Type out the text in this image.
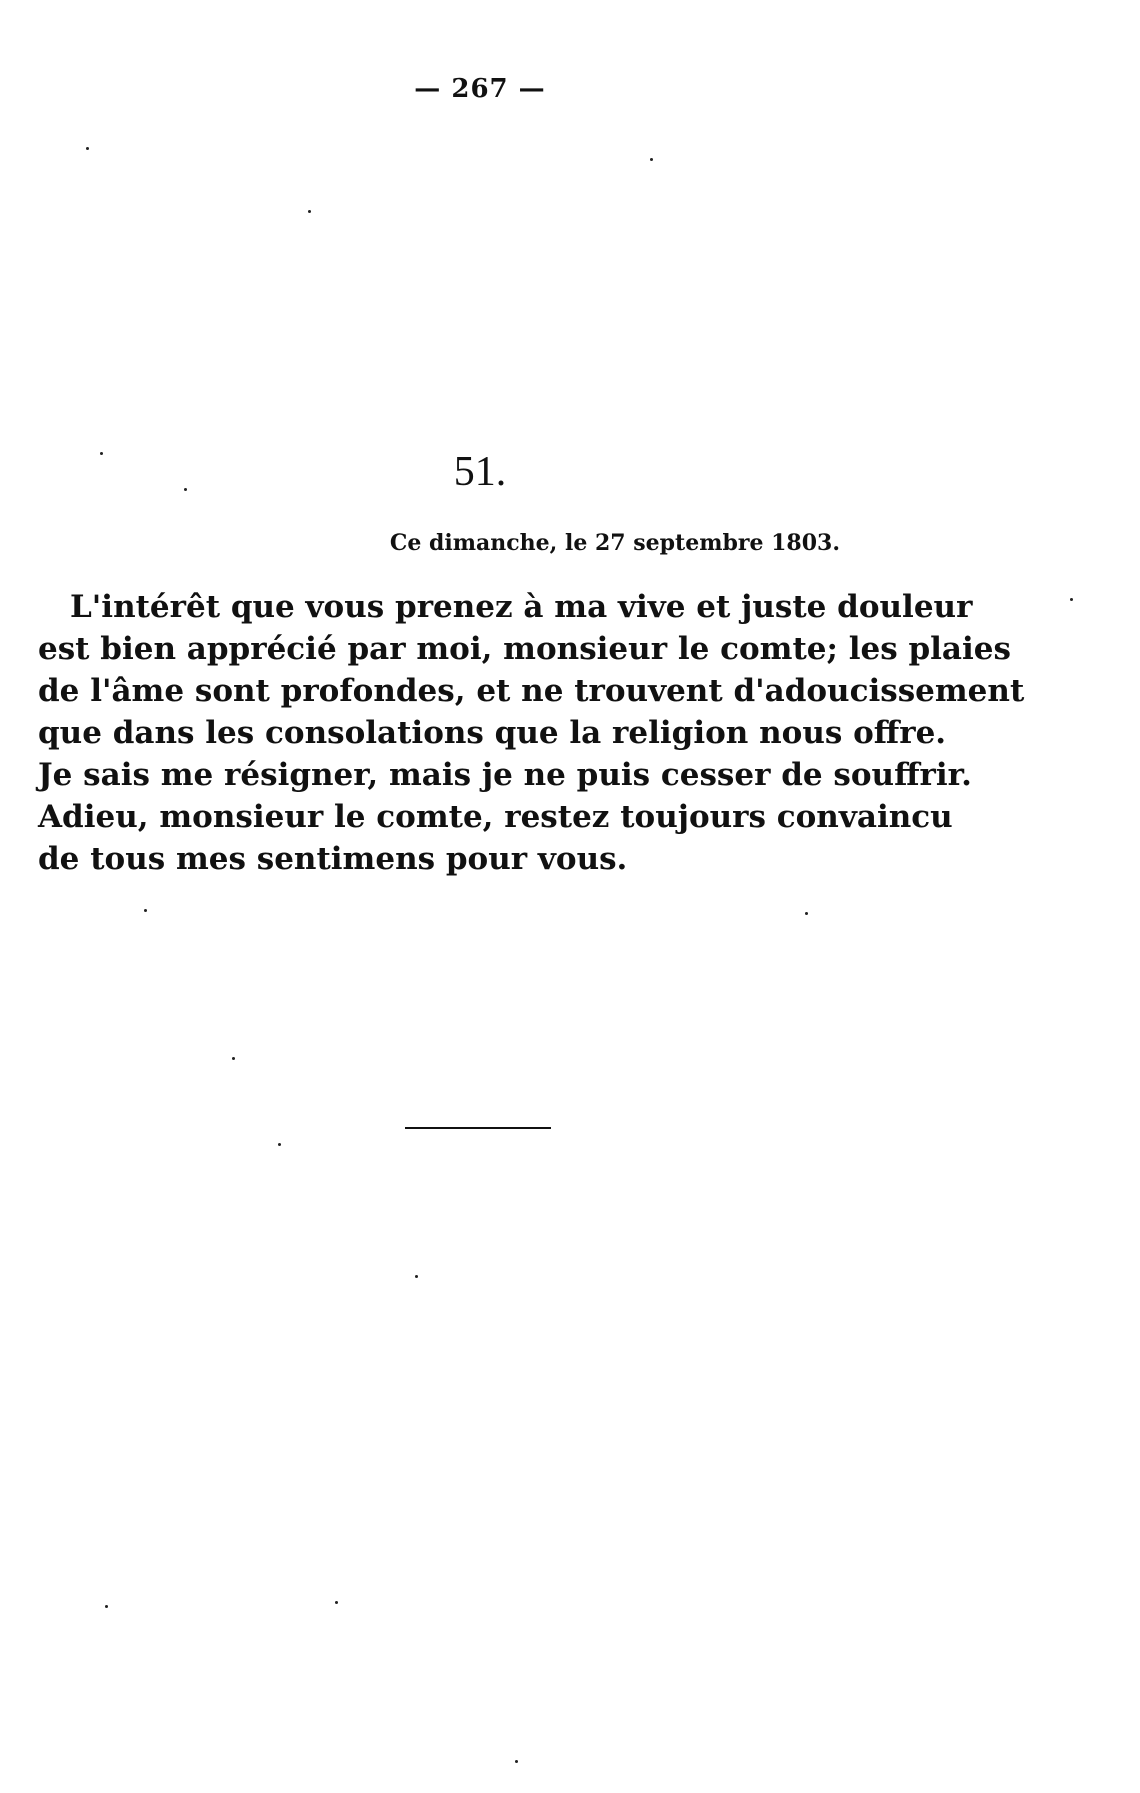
— 267 —
51.
Ce dimanche, le 27 septembre 1803.

L'intérêt que vous prenez à ma vive et juste douleur
est bien apprécié par moi, monsieur le comte; les plaies
de l'âme sont profondes, et ne trouvent d'adoucissement
que dans les consolations que la religion nous offre.
Je sais me résigner, mais je ne puis cesser de souffrir.
Adieu, monsieur le comte, restez toujours convaincu
de tous mes sentimens pour vous.
